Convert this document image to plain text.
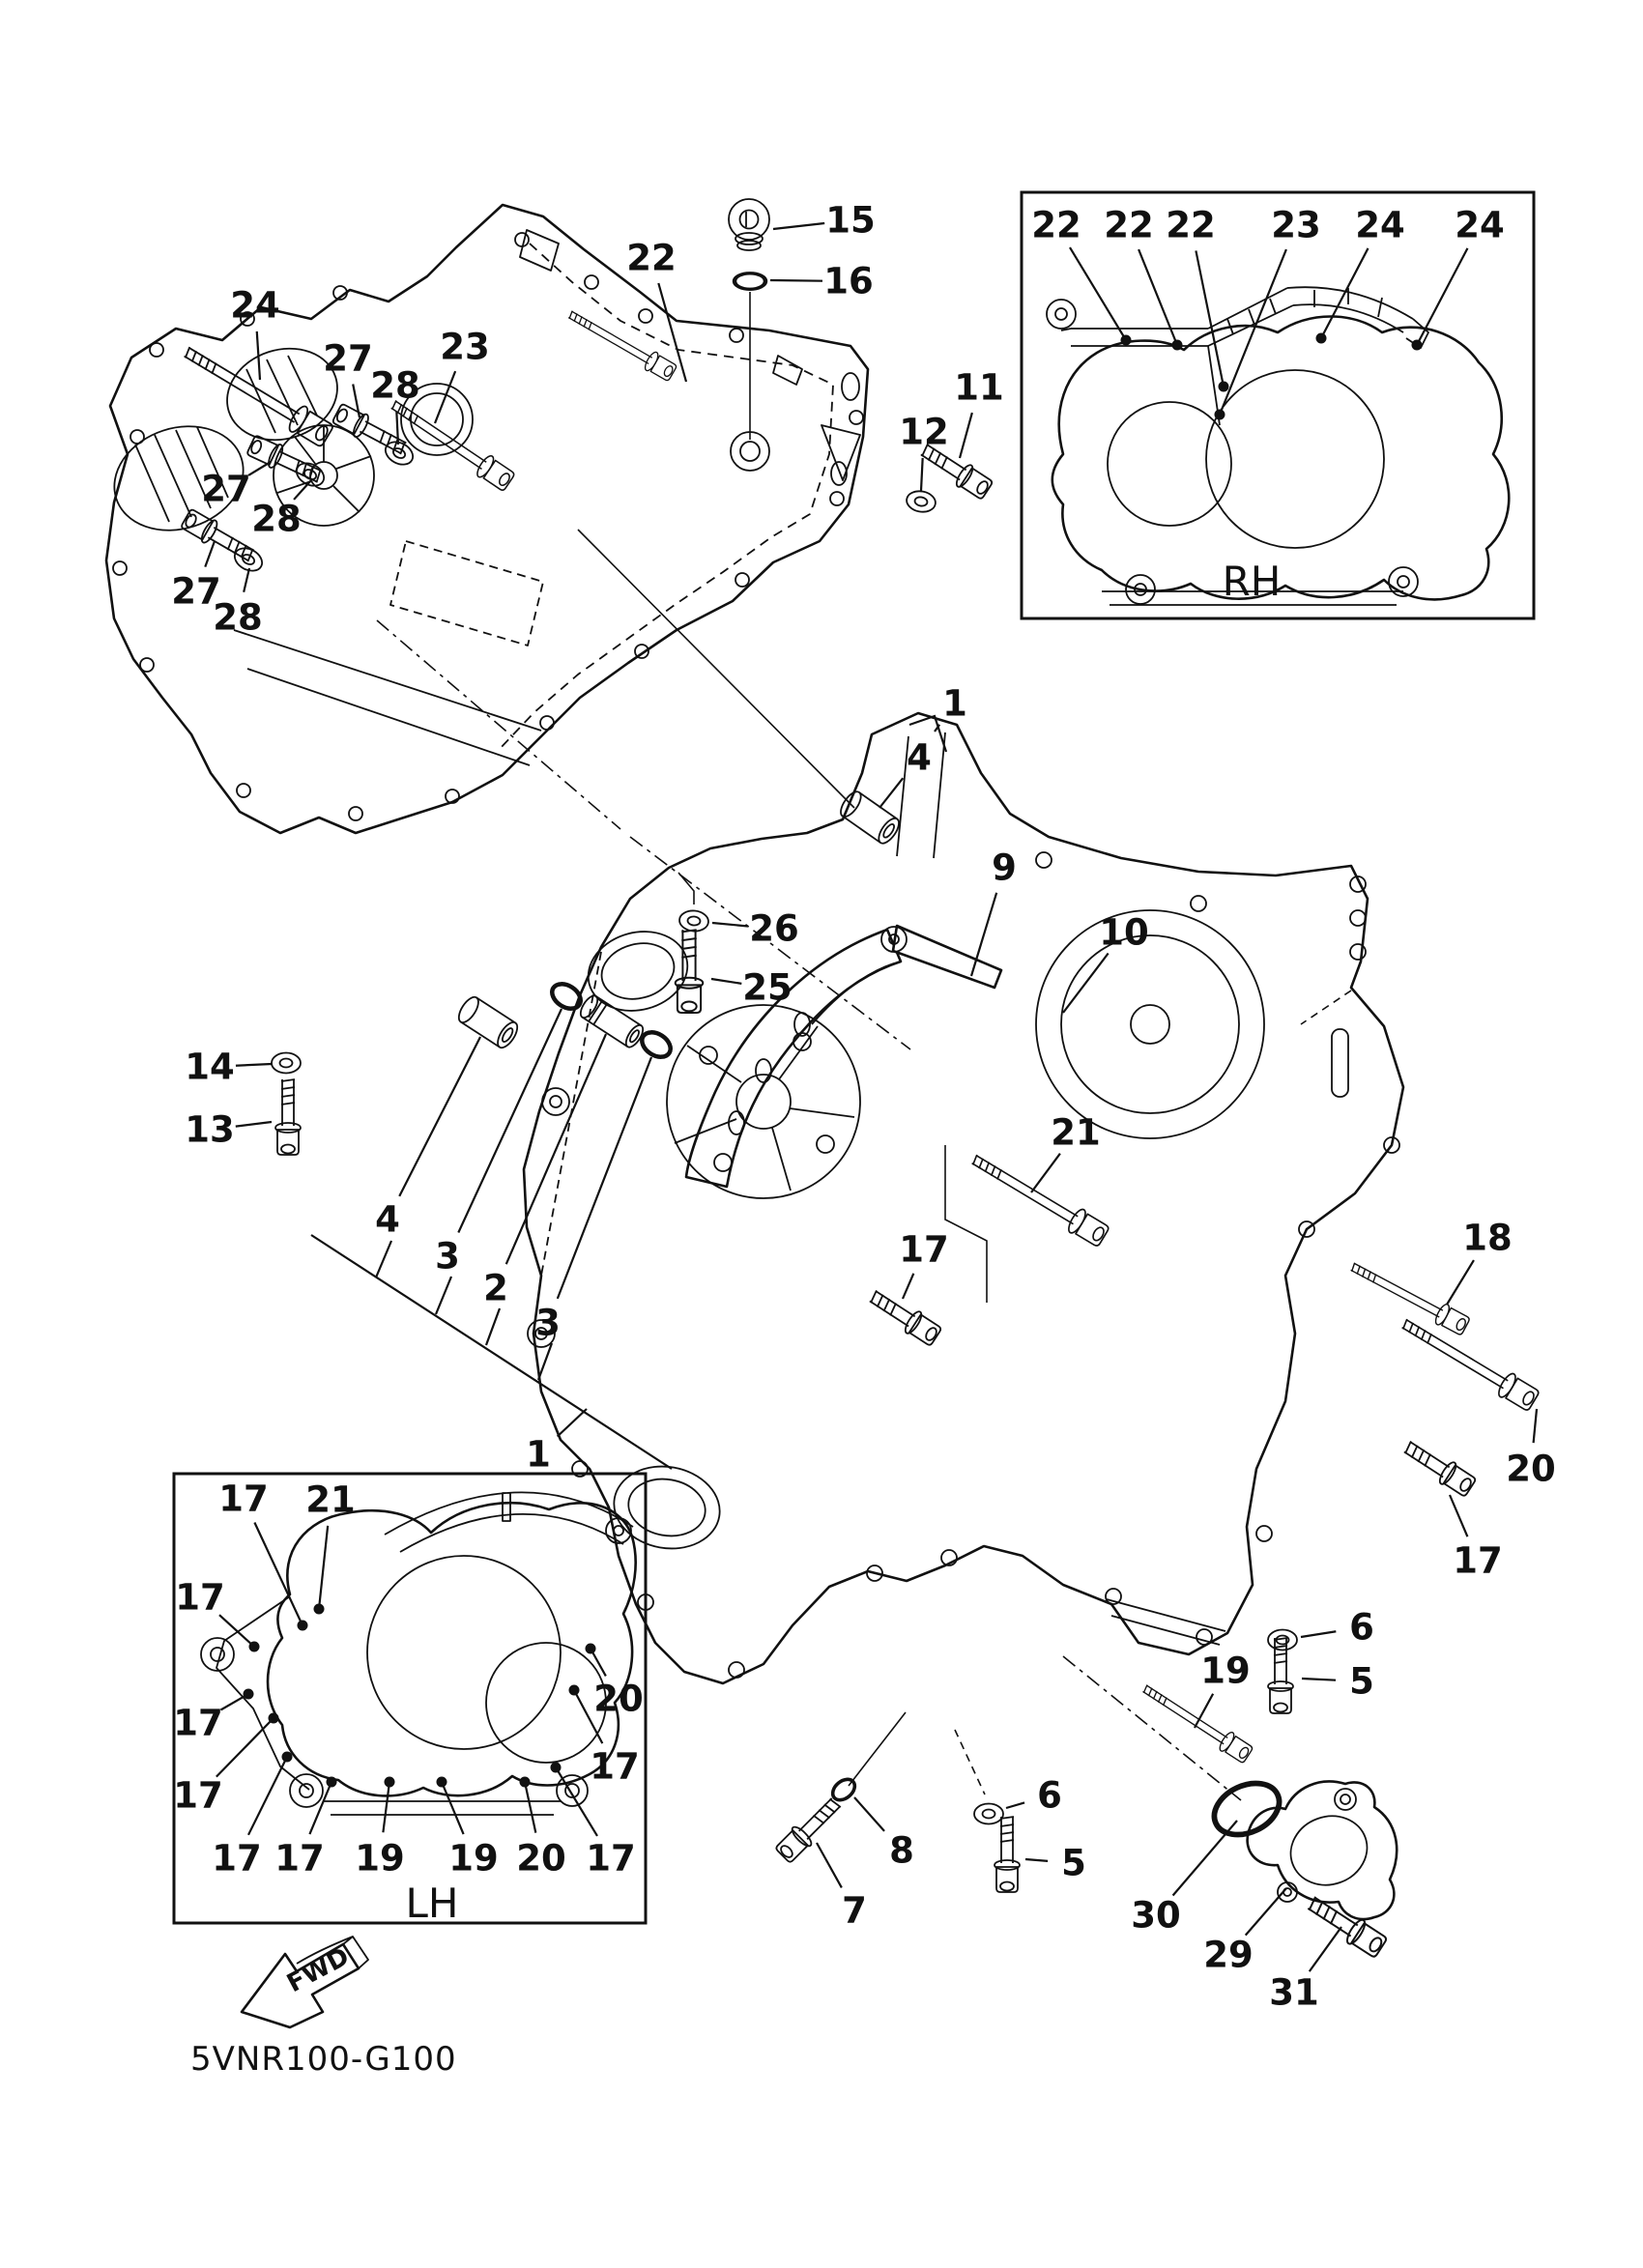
RH
LH
FWD
5VNR100-G100
15
16
22
24
27
28
23
27
28
27
28
11
12
1
4
26
25
9
10
14
13
4
3
2
3
1
21
17	18
20
17
6
5
19
6
8	5
7	30
29
31
22 22 22 23 24 24
17 21
17
17
17
17 17 19 19 20 17
20
17
